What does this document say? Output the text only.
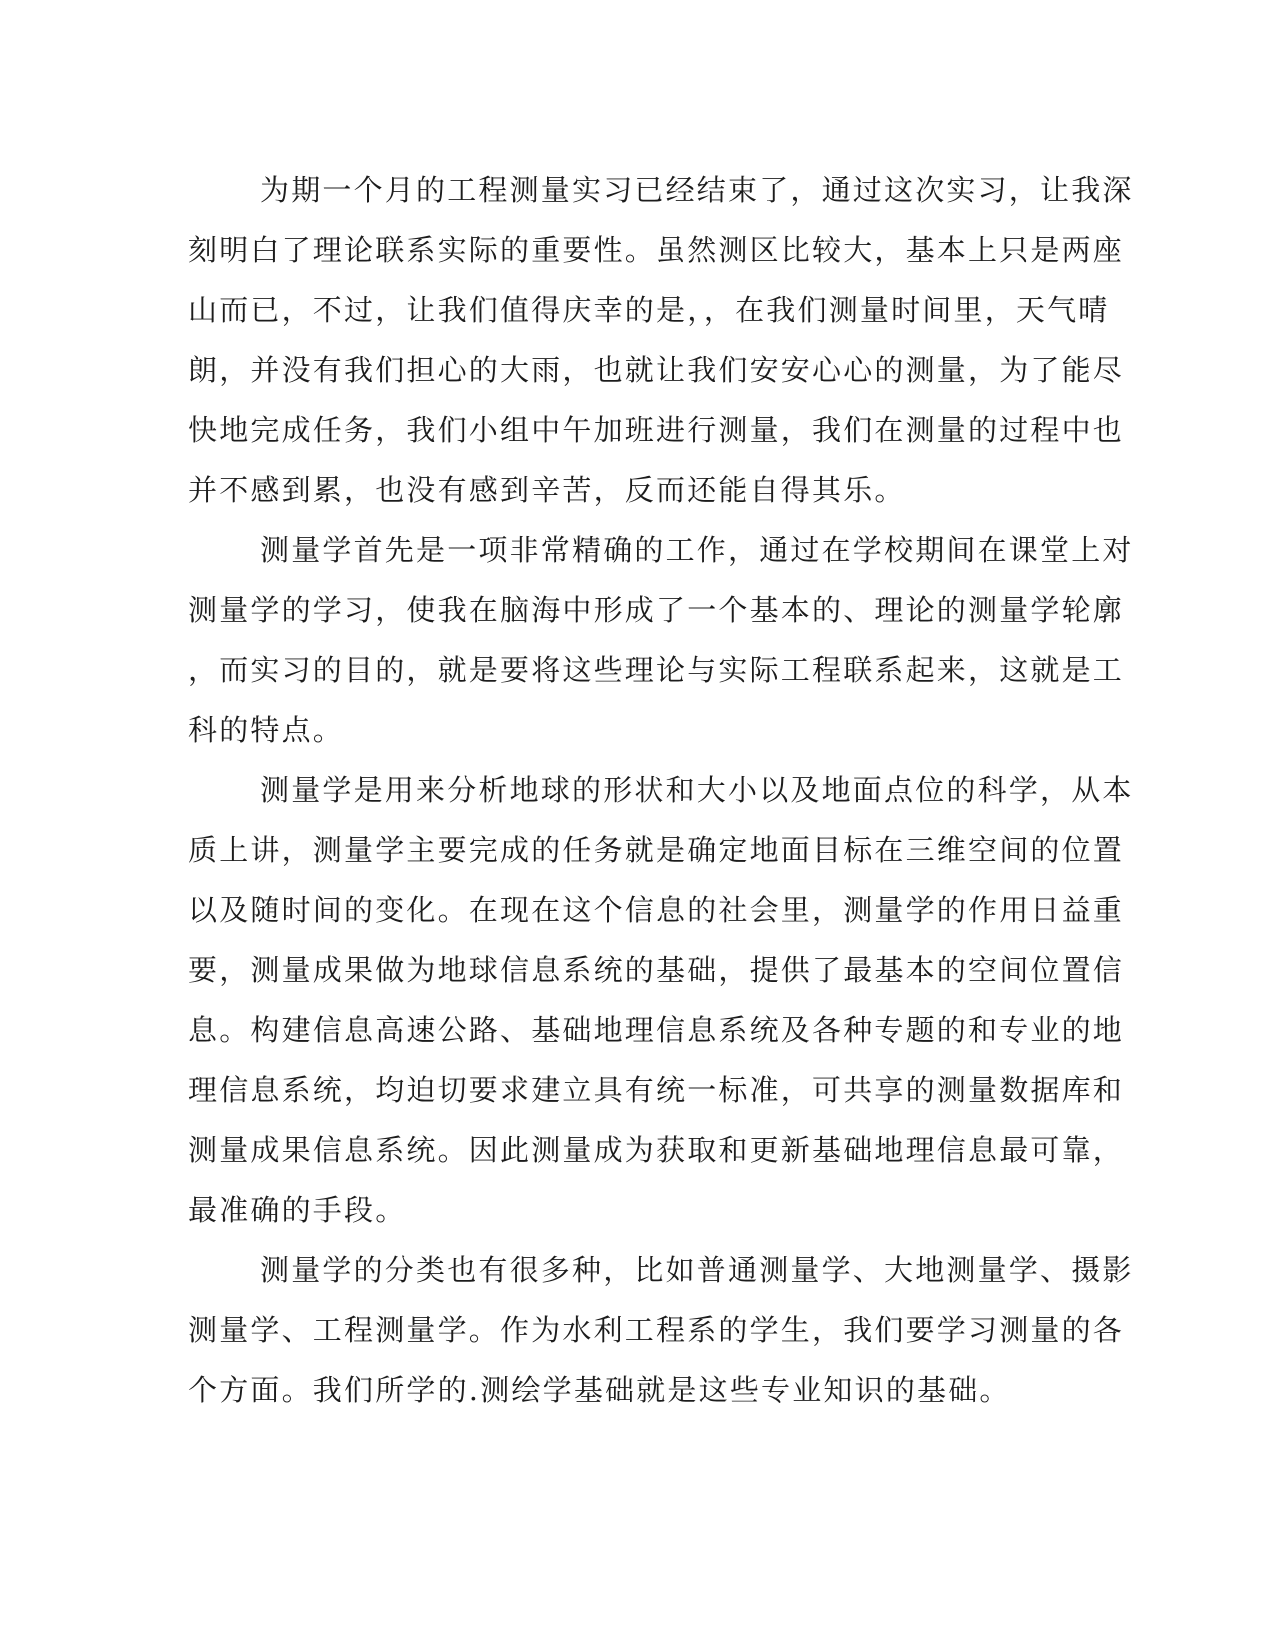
为期一个月的工程测量实习已经结束了，通过这次实习，让我深
刻明白了理论联系实际的重要性。虽然测区比较大，基本上只是两座
山而已，不过，让我们值得庆幸的是，，在我们测量时间里，天气晴
朗，并没有我们担心的大雨，也就让我们安安心心的测量，为了能尽
快地完成任务，我们小组中午加班进行测量，我们在测量的过程中也
并不感到累，也没有感到辛苦，反而还能自得其乐。
测量学首先是一项非常精确的工作，通过在学校期间在课堂上对
测量学的学习，使我在脑海中形成了一个基本的、理论的测量学轮廓
，而实习的目的，就是要将这些理论与实际工程联系起来，这就是工
科的特点。
测量学是用来分析地球的形状和大小以及地面点位的科学，从本
质上讲，测量学主要完成的任务就是确定地面目标在三维空间的位置
以及随时间的变化。在现在这个信息的社会里，测量学的作用日益重
要，测量成果做为地球信息系统的基础，提供了最基本的空间位置信
息。构建信息高速公路、基础地理信息系统及各种专题的和专业的地
理信息系统，均迫切要求建立具有统一标准，可共享的测量数据库和
测量成果信息系统。因此测量成为获取和更新基础地理信息最可靠，
最准确的手段。
测量学的分类也有很多种，比如普通测量学、大地测量学、摄影
测量学、工程测量学。作为水利工程系的学生，我们要学习测量的各
个方面。我们所学的.测绘学基础就是这些专业知识的基础。
